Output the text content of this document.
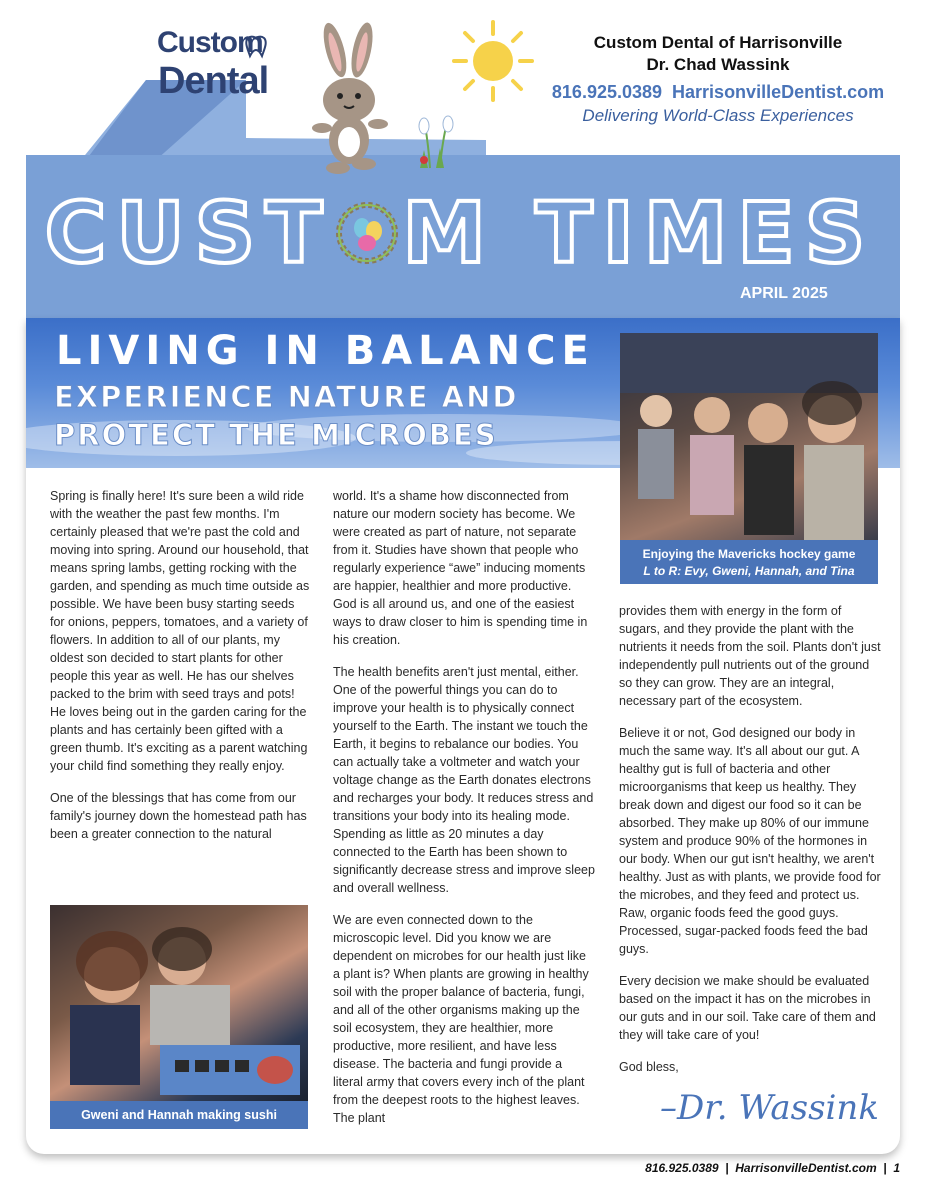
Custom
Dental
Custom Dental of Harrisonville
Dr. Chad Wassink
816.925.0389 HarrisonvilleDentist.com
Delivering World-Class Experiences
CUST M TIMES
APRIL 2025
LIVING IN BALANCE
EXPERIENCE NATURE AND
PROTECT THE MICROBES
Enjoying the Mavericks hockey game
L to R: Evy, Gweni, Hannah, and Tina

Spring is finally here! It's sure been a wild ride with the weather the past few months. I'm certainly pleased that we're past the cold and moving into spring. Around our household, that means spring lambs, getting rocking with the garden, and spending as much time outside as possible. We have been busy starting seeds for onions, peppers, tomatoes, and a variety of flowers. In addition to all of our plants, my oldest son decided to start plants for other people this year as well. He has our shelves packed to the brim with seed trays and pots! He loves being out in the garden caring for the plants and has certainly been gifted with a green thumb. It's exciting as a parent watching your child find something they really enjoy.

One of the blessings that has come from our family's journey down the homestead path has been a greater connection to the natural

world. It's a shame how disconnected from nature our modern society has become. We were created as part of nature, not separate from it. Studies have shown that people who regularly experience “awe” inducing moments are happier, healthier and more productive. God is all around us, and one of the easiest ways to draw closer to him is spending time in his creation.

The health benefits aren't just mental, either. One of the powerful things you can do to improve your health is to physically connect yourself to the Earth. The instant we touch the Earth, it begins to rebalance our bodies. You can actually take a voltmeter and watch your voltage change as the Earth donates electrons and recharges your body. It reduces stress and transitions your body into its healing mode. Spending as little as 20 minutes a day connected to the Earth has been shown to significantly decrease stress and improve sleep and overall wellness.

We are even connected down to the microscopic level. Did you know we are dependent on microbes for our health just like a plant is? When plants are growing in healthy soil with the proper balance of bacteria, fungi, and all of the other organisms making up the soil ecosystem, they are healthier, more productive, more resilient, and have less disease. The bacteria and fungi provide a literal army that covers every inch of the plant from the deepest roots to the highest leaves. The plant

provides them with energy in the form of sugars, and they provide the plant with the nutrients it needs from the soil. Plants don't just independently pull nutrients out of the ground so they can grow. They are an integral, necessary part of the ecosystem.

Believe it or not, God designed our body in much the same way. It's all about our gut. A healthy gut is full of bacteria and other microorganisms that keep us healthy. They break down and digest our food so it can be absorbed. They make up 80% of our immune system and produce 90% of the hormones in our body. When our gut isn't healthy, we aren't healthy. Just as with plants, we provide food for the microbes, and they feed and protect us. Raw, organic foods feed the good guys. Processed, sugar-packed foods feed the bad guys.

Every decision we make should be evaluated based on the impact it has on the microbes in our guts and in our soil. Take care of them and they will take care of you!

God bless,

Gweni and Hannah making sushi	–Dr. Wassink
816.925.0389  |  HarrisonvilleDentist.com  |  1
